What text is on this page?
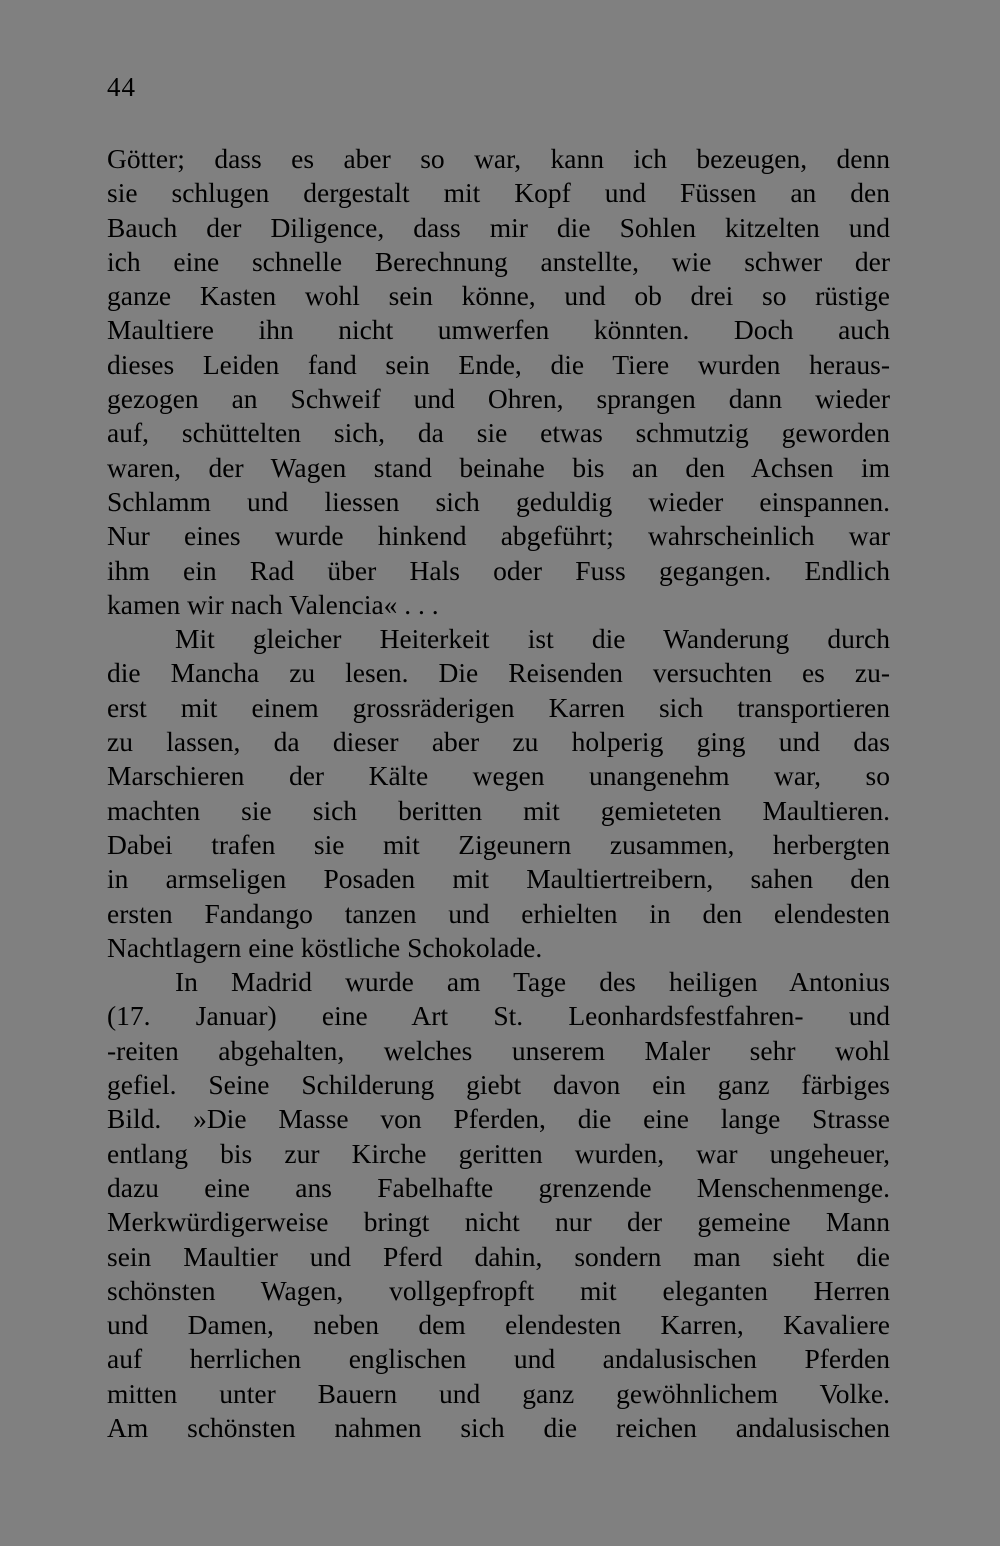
44
Götter; dass es aber so war, kann ich bezeugen, denn
sie schlugen dergestalt mit Kopf und Füssen an den
Bauch der Diligence, dass mir die Sohlen kitzelten und
ich eine schnelle Berechnung anstellte, wie schwer der
ganze Kasten wohl sein könne, und ob drei so rüstige
Maultiere ihn nicht umwerfen könnten. Doch auch
dieses Leiden fand sein Ende, die Tiere wurden heraus-
gezogen an Schweif und Ohren, sprangen dann wieder
auf, schüttelten sich, da sie etwas schmutzig geworden
waren, der Wagen stand beinahe bis an den Achsen im
Schlamm und liessen sich geduldig wieder einspannen.
Nur eines wurde hinkend abgeführt; wahrscheinlich war
ihm ein Rad über Hals oder Fuss gegangen. Endlich
kamen wir nach Valencia« . . .
Mit gleicher Heiterkeit ist die Wanderung durch
die Mancha zu lesen. Die Reisenden versuchten es zu-
erst mit einem grossräderigen Karren sich transportieren
zu lassen, da dieser aber zu holperig ging und das
Marschieren der Kälte wegen unangenehm war, so
machten sie sich beritten mit gemieteten Maultieren.
Dabei trafen sie mit Zigeunern zusammen, herbergten
in armseligen Posaden mit Maultiertreibern, sahen den
ersten Fandango tanzen und erhielten in den elendesten
Nachtlagern eine köstliche Schokolade.
In Madrid wurde am Tage des heiligen Antonius
(17. Januar) eine Art St. Leonhardsfestfahren- und
-reiten abgehalten, welches unserem Maler sehr wohl
gefiel. Seine Schilderung giebt davon ein ganz färbiges
Bild. »Die Masse von Pferden, die eine lange Strasse
entlang bis zur Kirche geritten wurden, war ungeheuer,
dazu eine ans Fabelhafte grenzende Menschenmenge.
Merkwürdigerweise bringt nicht nur der gemeine Mann
sein Maultier und Pferd dahin, sondern man sieht die
schönsten Wagen, vollgepfropft mit eleganten Herren
und Damen, neben dem elendesten Karren, Kavaliere
auf herrlichen englischen und andalusischen Pferden
mitten unter Bauern und ganz gewöhnlichem Volke.
Am schönsten nahmen sich die reichen andalusischen
